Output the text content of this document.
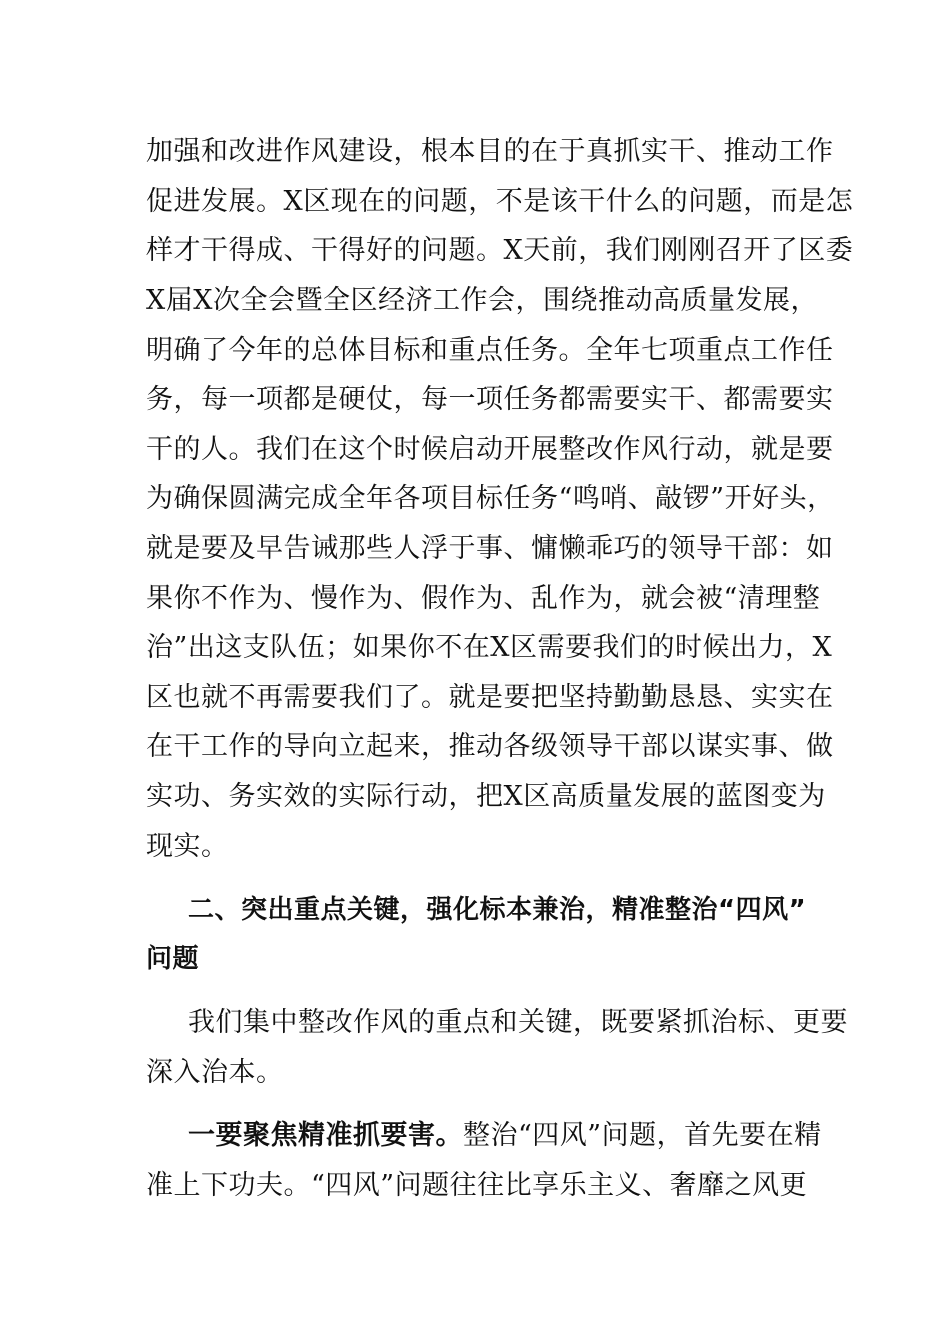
加强和改进作风建设，根本目的在于真抓实干、推动工作
促进发展。X区现在的问题，不是该干什么的问题，而是怎
样才干得成、干得好的问题。X天前，我们刚刚召开了区委
X届X次全会暨全区经济工作会，围绕推动高质量发展，
明确了今年的总体目标和重点任务。全年七项重点工作任
务，每一项都是硬仗，每一项任务都需要实干、都需要实
干的人。我们在这个时候启动开展整改作风行动，就是要
为确保圆满完成全年各项目标任务“鸣哨、敲锣”开好头，
就是要及早告诫那些人浮于事、慵懒乖巧的领导干部：如
果你不作为、慢作为、假作为、乱作为，就会被“清理整
治”出这支队伍；如果你不在X区需要我们的时候出力，X
区也就不再需要我们了。就是要把坚持勤勤恳恳、实实在
在干工作的导向立起来，推动各级领导干部以谋实事、做
实功、务实效的实际行动，把X区高质量发展的蓝图变为
现实。
二、突出重点关键，强化标本兼治，精准整治“四风”
问题
我们集中整改作风的重点和关键，既要紧抓治标、更要
深入治本。
一要聚焦精准抓要害。整治“四风”问题，首先要在精
准上下功夫。“四风”问题往往比享乐主义、奢靡之风更
